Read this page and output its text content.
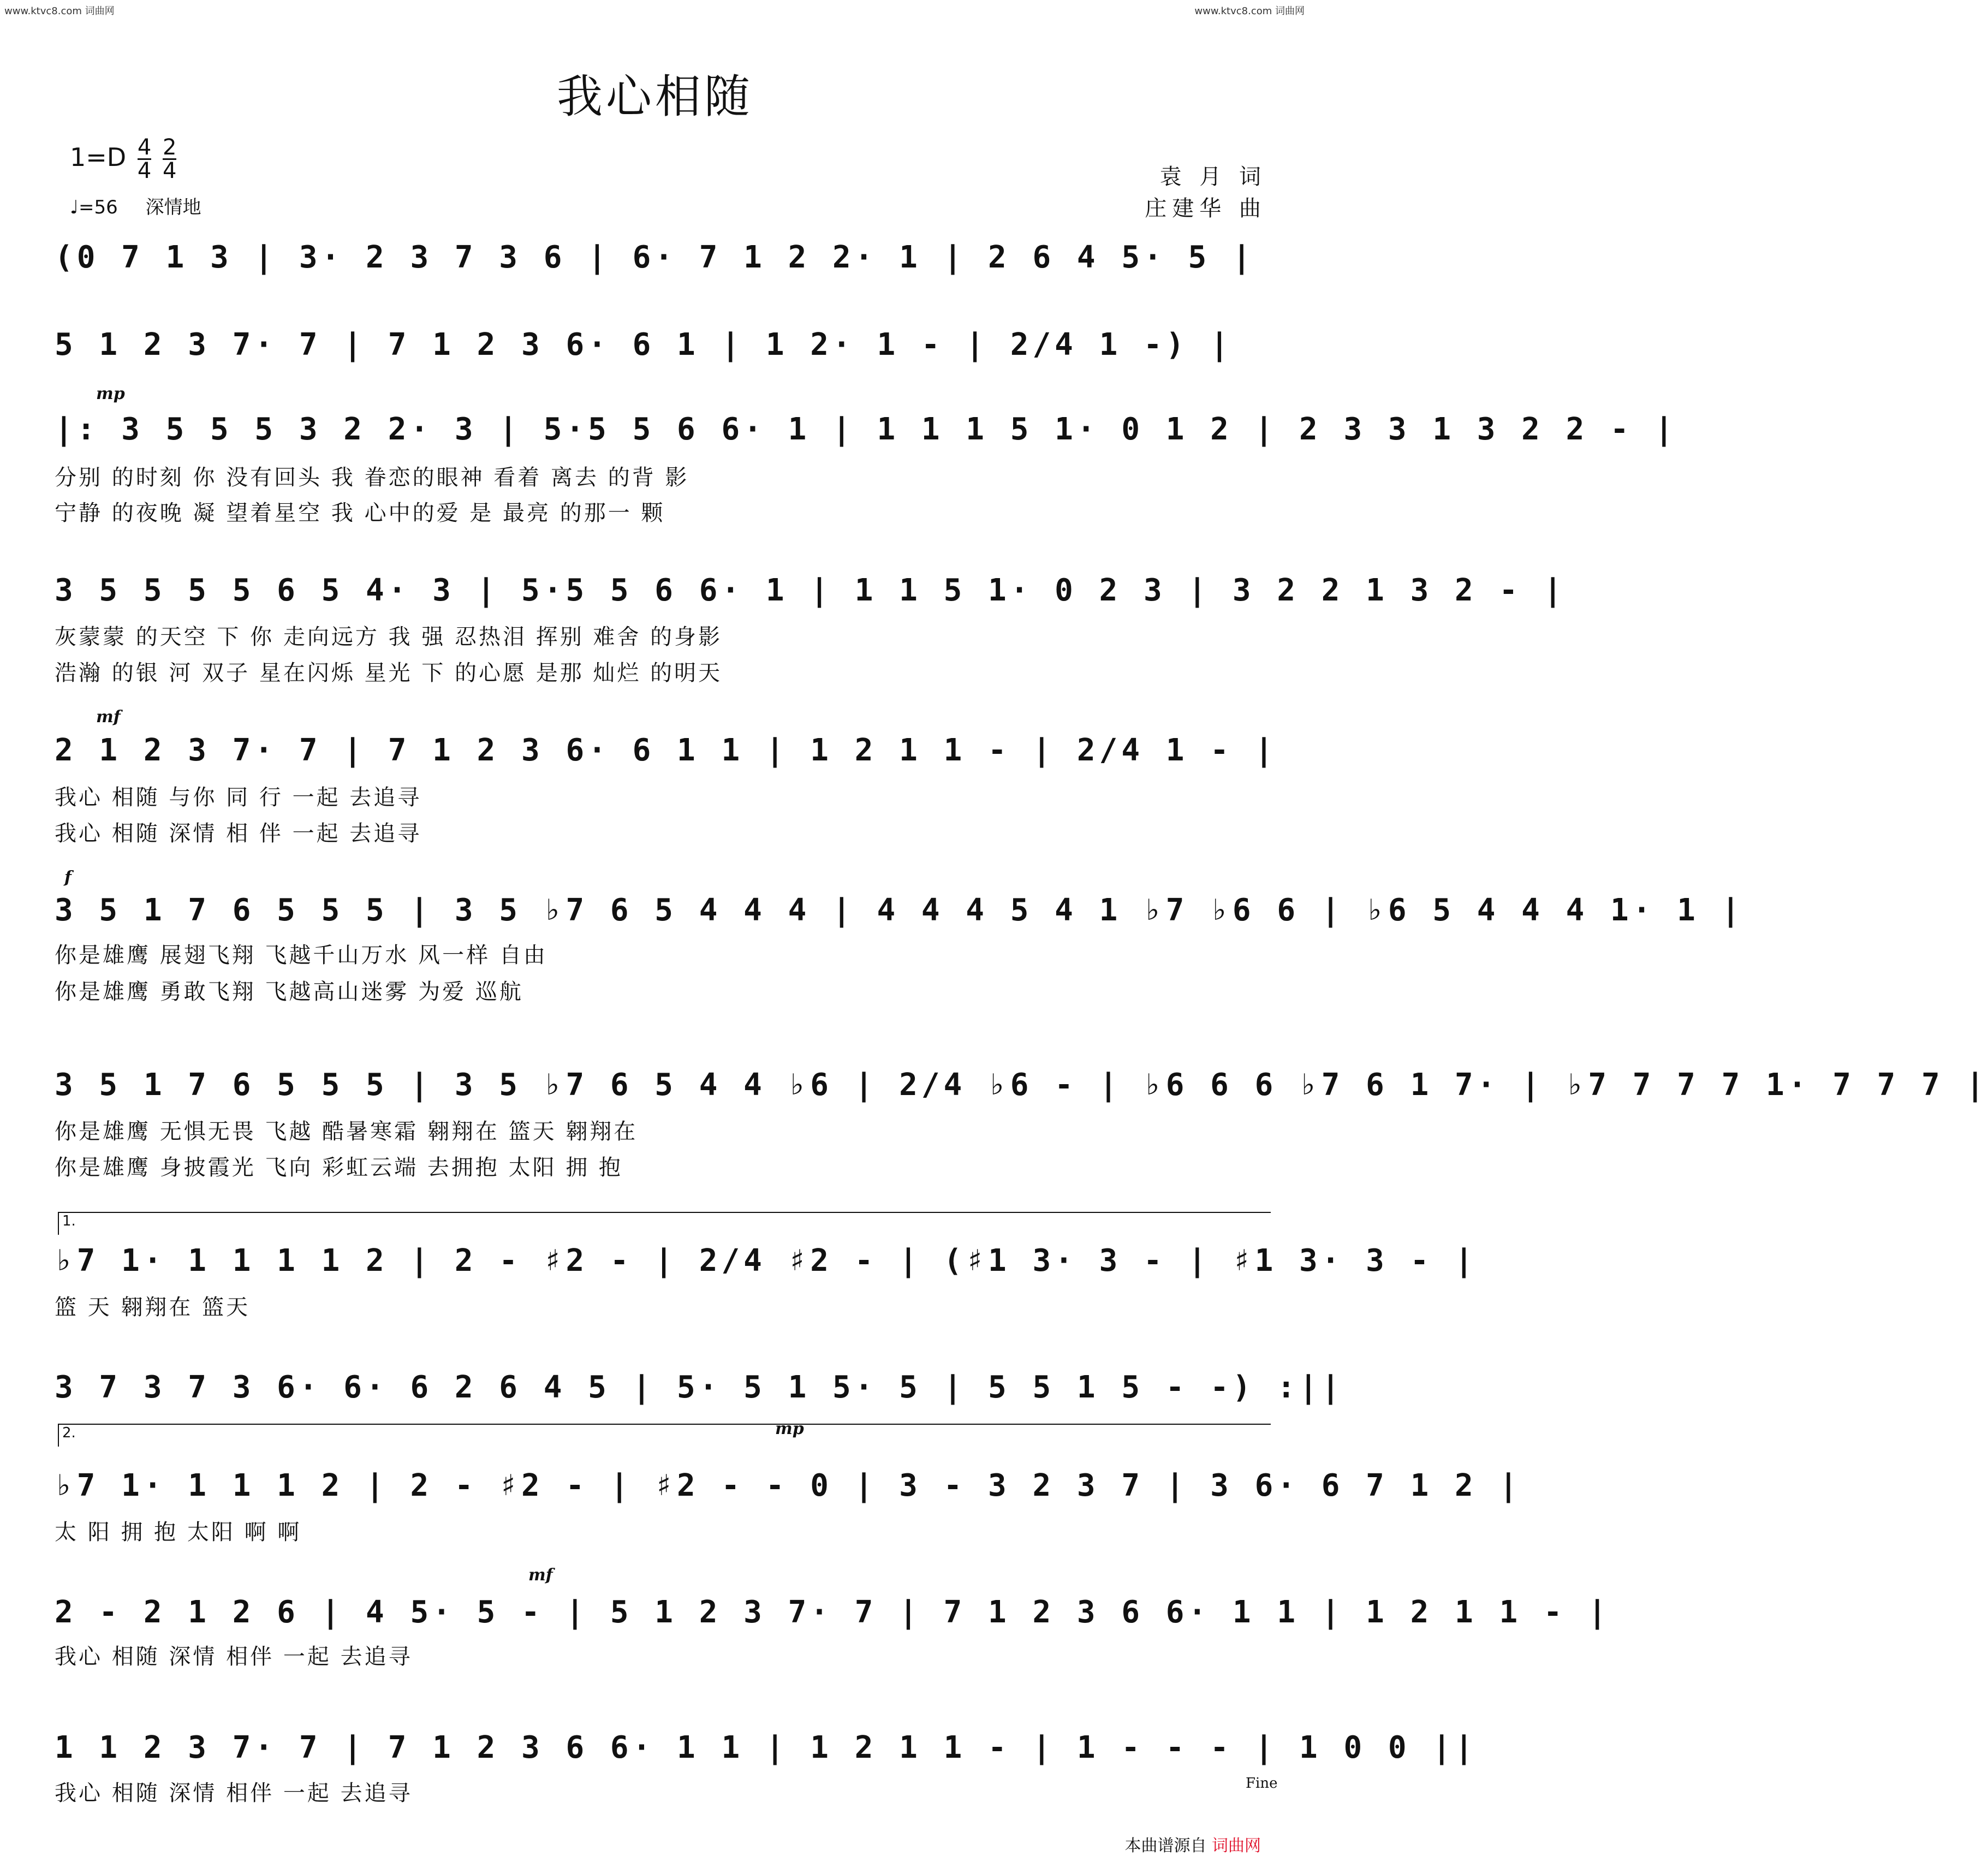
www.ktvc8.com 词曲网	www.ktvc8.com 词曲网
我心相随
$1=D \frac{4}{4}$
$\frac{2}{4}$
♩=56 深情地
袁 月 词
庄建华 曲
(0 7 1 3 | 3· 2 3 7 3 6 | 6· 7 1 2 2· 1 | 2 6 4 5· 5 |
5 1 2 3 7· 7 | 7 1 2 3 6· 6 1 | 1 2· 1 - | 2/4 1 -) |
mp
|: 3 5 5 5 3 2 2· 3 | 5·5 5 6 6· 1 | 1 1 1 5 1· 0 1 2 | 2 3 3 1 3 2 2 - |
分别 的时刻 你 没有回头 我 眷恋的眼神 看着 离去 的背 影
宁静 的夜晚 凝 望着星空 我 心中的爱 是 最亮 的那一 颗
3 5 5 5 5 6 5 4· 3 | 5·5 5 6 6· 1 | 1 1 5 1· 0 2 3 | 3 2 2 1 3 2 - |
灰蒙蒙 的天空 下 你 走向远方 我 强 忍热泪 挥别 难舍 的身影
浩瀚 的银 河 双子 星在闪烁 星光 下 的心愿 是那 灿烂 的明天
mf
2 1 2 3 7· 7 | 7 1 2 3 6· 6 1 1 | 1 2 1 1 - | 2/4 1 - |
我心 相随 与你 同 行 一起 去追寻
我心 相随 深情 相 伴 一起 去追寻
f
3 5 1 7 6 5 5 5 | 3 5 ♭7 6 5 4 4 4 | 4 4 4 5 4 1 ♭7 ♭6 6 | ♭6 5 4 4 4 1· 1 |
你是雄鹰 展翅飞翔 飞越千山万水 风一样 自由
你是雄鹰 勇敢飞翔 飞越高山迷雾 为爱 巡航
3 5 1 7 6 5 5 5 | 3 5 ♭7 6 5 4 4 ♭6 | 2/4 ♭6 - | ♭6 6 6 ♭7 6 1 7· | ♭7 7 7 7 1· 7 7 7 |
你是雄鹰 无惧无畏 飞越 酷暑寒霜 翱翔在 篮天 翱翔在
你是雄鹰 身披霞光 飞向 彩虹云端 去拥抱 太阳 拥 抱
1.
♭7 1· 1 1 1 1 2 | 2 - ♯2 - | 2/4 ♯2 - | (♯1 3· 3 - | ♯1 3· 3 - |
篮 天 翱翔在 篮天
3 7 3 7 3 6· 6· 6 2 6 4 5 | 5· 5 1 5· 5 | 5 5 1 5 - -) :||
2.	mp
♭7 1· 1 1 1 2 | 2 - ♯2 - | ♯2 - - 0 | 3 - 3 2 3 7 | 3 6· 6 7 1 2 |
太 阳 拥 抱 太阳 啊 啊
mf
2 - 2 1 2 6 | 4 5· 5 - | 5 1 2 3 7· 7 | 7 1 2 3 6 6· 1 1 | 1 2 1 1 - |
我心 相随 深情 相伴 一起 去追寻
1 1 2 3 7· 7 | 7 1 2 3 6 6· 1 1 | 1 2 1 1 - | 1 - - - | 1 0 0 ||
Fine
我心 相随 深情 相伴 一起 去追寻
本曲谱源自 词曲网
